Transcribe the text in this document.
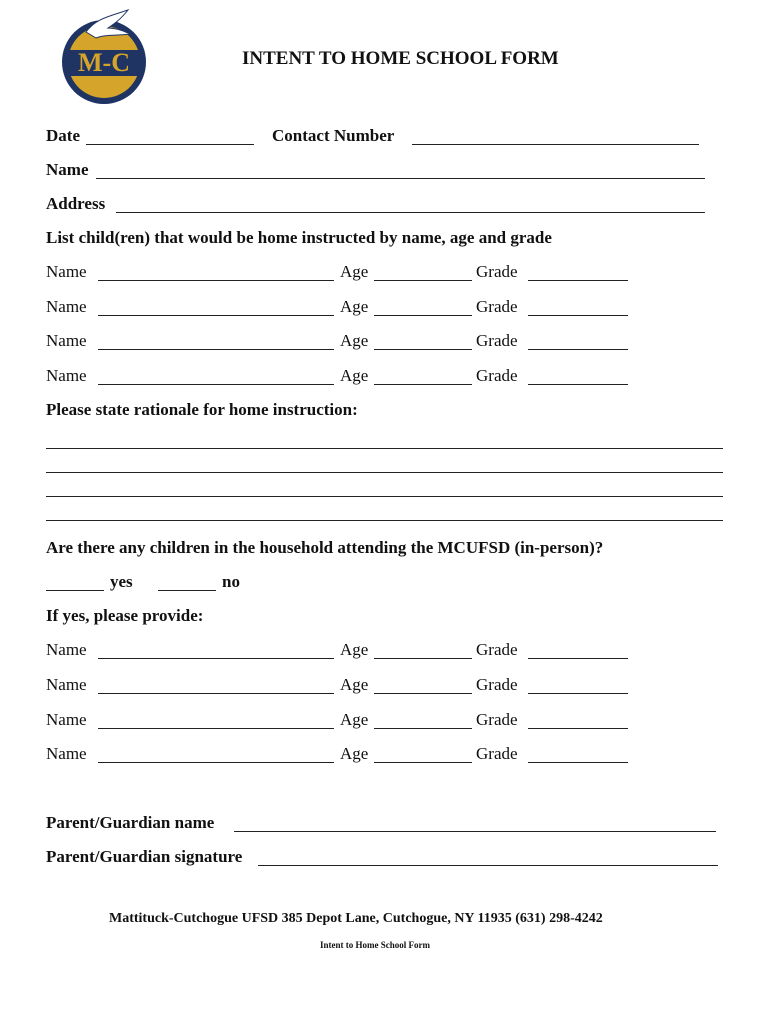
M-C	INTENT TO HOME SCHOOL FORM
Date	Contact Number
Name
Address
List child(ren) that would be home instructed by name, age and grade
Name	Age	Grade
Name	Age	Grade
Name	Age	Grade
Name	Age	Grade
Please state rationale for home instruction:
Are there any children in the household attending the MCUFSD (in-person)?
yes	no
If yes, please provide:
Name	Age	Grade
Name	Age	Grade
Name	Age	Grade
Name	Age	Grade
Parent/Guardian name
Parent/Guardian signature
Mattituck-Cutchogue UFSD 385 Depot Lane, Cutchogue, NY 11935 (631) 298-4242
Intent to Home School Form
